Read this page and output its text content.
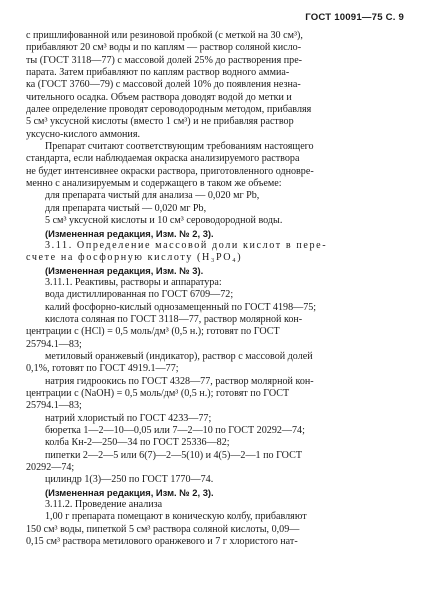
ГОСТ 10091—75 С. 9
с пришлифованной или резиновой пробкой (с меткой на 30 см³),
прибавляют 20 см³ воды и по каплям — раствор соляной кисло-
ты (ГОСТ 3118—77) с массовой долей 25% до растворения пре-
парата. Затем прибавляют по каплям раствор водного аммиа-
ка (ГОСТ 3760—79) с массовой долей 10% до появления незна-
чительного осадка. Объем раствора доводят водой до метки и
далее определение проводят сероводородным методом, прибавляя
5 см³ уксусной кислоты (вместо 1 см³) и не прибавляя раствор
уксусно-кислого аммония.
Препарат считают соответствующим требованиям настоящего
стандарта, если наблюдаемая окраска анализируемого раствора
не будет интенсивнее окраски раствора, приготовленного одновре-
менно с анализируемым и содержащего в таком же объеме:
для препарата чистый для анализа — 0,020 мг Pb,
для препарата чистый — 0,020 мг Pb,
5 см³ уксусной кислоты и 10 см³ сероводородной воды.
(Измененная редакция, Изм. № 2, 3).
3.11. Определение массовой доли кислот в пере-
счете на фосфорную кислоту (H₃PO₄)
(Измененная редакция, Изм. № 3).
3.11.1. Реактивы, растворы и аппаратура:
вода дистиллированная по ГОСТ 6709—72;
калий фосфорно-кислый однозамещенный по ГОСТ 4198—75;
кислота соляная по ГОСТ 3118—77, раствор молярной кон-
центрации с (HCl) = 0,5 моль/дм³ (0,5 н.); готовят по ГОСТ
25794.1—83;
метиловый оранжевый (индикатор), раствор с массовой долей
0,1%, готовят по ГОСТ 4919.1—77;
натрия гидроокись по ГОСТ 4328—77, раствор молярной кон-
центрации с (NaOH) = 0,5 моль/дм³ (0,5 н.); готовят по ГОСТ
25794.1—83;
натрий хлористый по ГОСТ 4233—77;
бюретка 1—2—10—0,05 или 7—2—10 по ГОСТ 20292—74;
колба Кн-2—250—34 по ГОСТ 25336—82;
пипетки 2—2—5 или 6(7)—2—5(10) и 4(5)—2—1 по ГОСТ
20292—74;
цилиндр 1(3)—250 по ГОСТ 1770—74.
(Измененная редакция, Изм. № 2, 3).
3.11.2. Проведение анализа
1,00 г препарата помещают в коническую колбу, прибавляют
150 см³ воды, пипеткой 5 см³ раствора соляной кислоты, 0,09—
0,15 см³ раствора метилового оранжевого и 7 г хлористого нат-
